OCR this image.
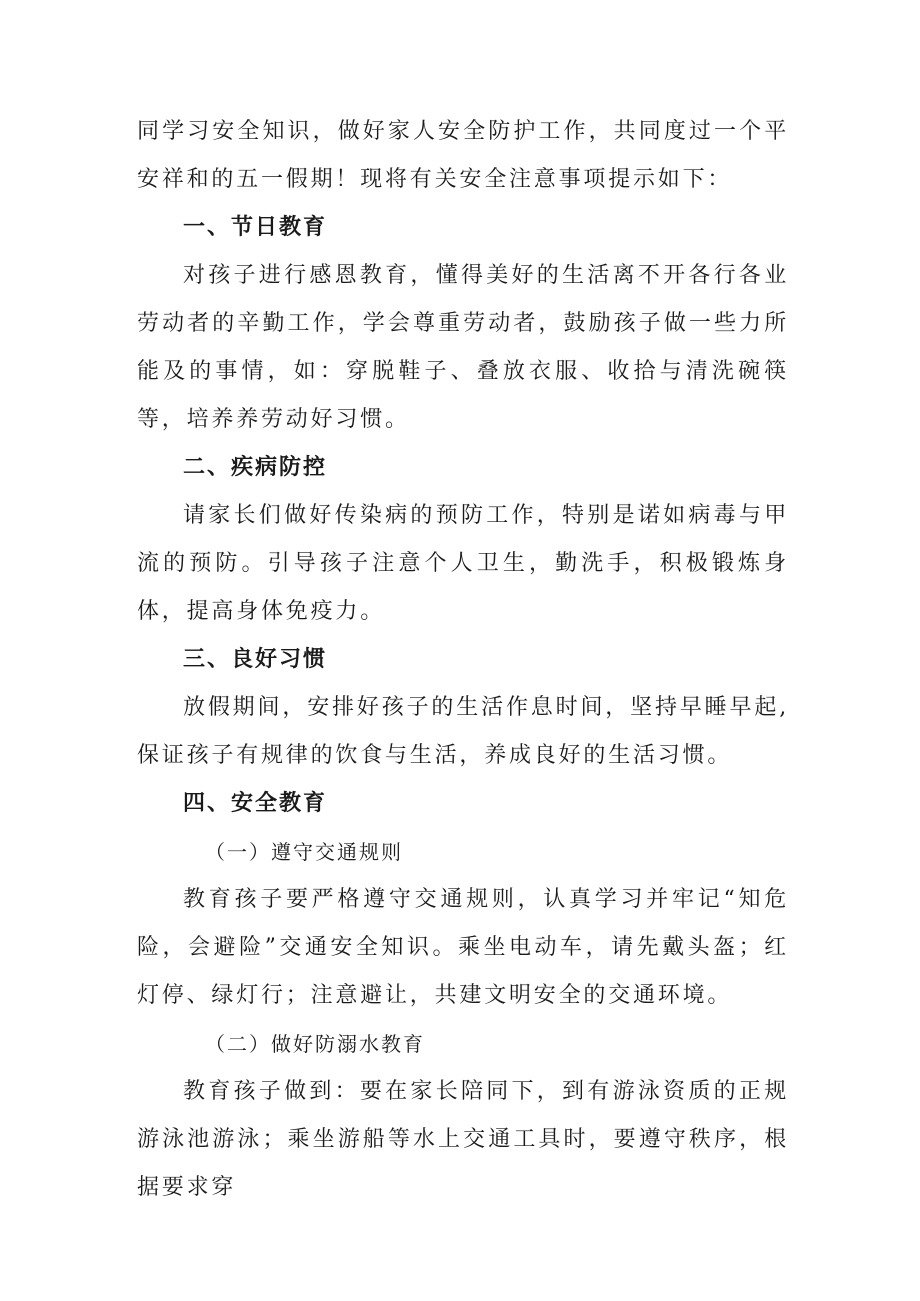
同学习安全知识，做好家人安全防护工作，共同度过一个平安祥和的五一假期！现将有关安全注意事项提示如下：

一、节日教育

对孩子进行感恩教育，懂得美好的生活离不开各行各业劳动者的辛勤工作，学会尊重劳动者，鼓励孩子做一些力所能及的事情，如：穿脱鞋子、叠放衣服、收拾与清洗碗筷等，培养养劳动好习惯。

二、疾病防控

请家长们做好传染病的预防工作，特别是诺如病毒与甲流的预防。引导孩子注意个人卫生，勤洗手，积极锻炼身体，提高身体免疫力。

三、良好习惯

放假期间，安排好孩子的生活作息时间，坚持早睡早起,保证孩子有规律的饮食与生活，养成良好的生活习惯。

四、安全教育

（一）遵守交通规则

教育孩子要严格遵守交通规则，认真学习并牢记“知危险，会避险”交通安全知识。乘坐电动车，请先戴头盔；红灯停、绿灯行；注意避让，共建文明安全的交通环境。

（二）做好防溺水教育

教育孩子做到：要在家长陪同下，到有游泳资质的正规游泳池游泳；乘坐游船等水上交通工具时，要遵守秩序，根据要求穿
